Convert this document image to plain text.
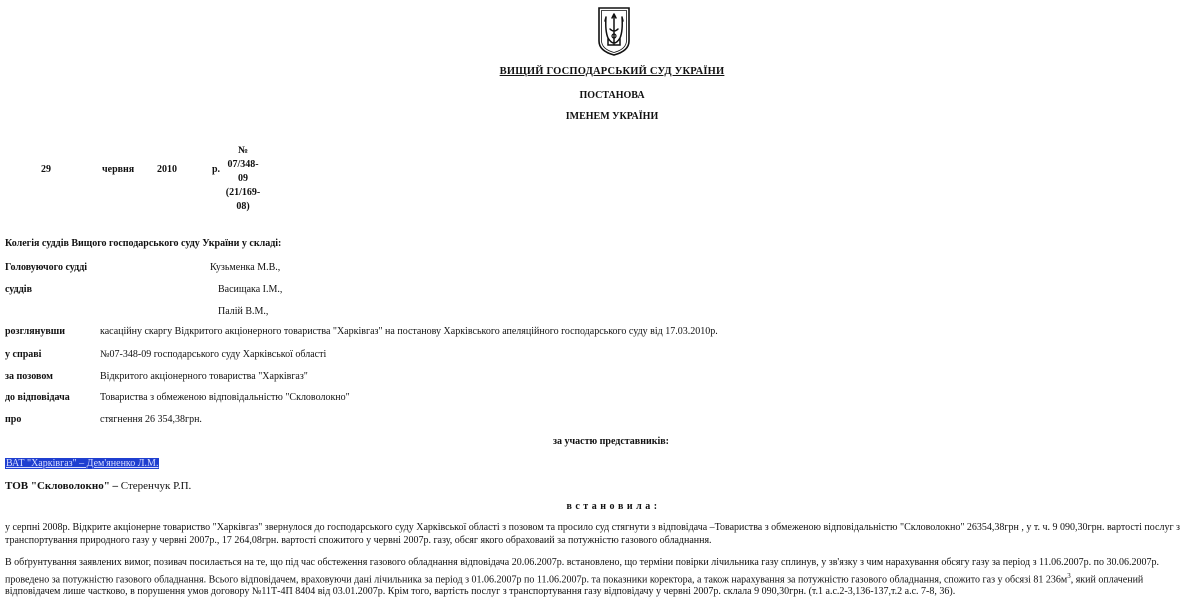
ВИЩИЙ ГОСПОДАРСЬКИЙ СУД УКРАЇНИ
ПОСТАНОВА
ІМЕНЕМ УКРАЇНИ
29	червня 2010	р.
№
07/348-
09
(21/169-
08)
Колегія суддів Вищого господарського суду України у складі:
Головуючого судді	Кузьменка М.В.,
суддів	Васищака І.М.,
Палій В.М.,
розглянувши	касаційну скаргу Відкритого акціонерного товариства "Харківгаз" на постанову Харківського апеляційного господарського суду від 17.03.2010р.
у справі	№07-348-09 господарського суду Харківської області
за позовом	Відкритого акціонерного товариства "Харківгаз"
до відповідача	Товариства з обмеженою відповідальністю "Скловолокно"
про	стягнення 26 354,38грн.
за участю представників:
ВАТ "Харківгаз" – Дем'яненко Л.М.
ТОВ "Скловолокно" – Стеренчук Р.П.
в с т а н о в и л а :
у серпні 2008р. Відкрите акціонерне товариство "Харківгаз" звернулося до господарського суду Харківської області з позовом та просило суд стягнути з відповідача –Товариства з обмеженою відповідальністю "Скловолокно" 26354,38грн , у т. ч. 9 090,30грн. вартості послуг з
транспортування природного газу у червні 2007р., 17 264,08грн. вартості спожитого у червні 2007р. газу, обсяг якого обраховаий за потужністю газового обладнання.
В обґрунтування заявлених вимог, позивач посилається на те, що під час обстеження газового обладнання відповідача 20.06.2007р. встановлено, що терміни повірки лічильника газу сплинув, у зв'язку з чим нарахування обсягу газу за період з 11.06.2007р. по 30.06.2007р.
проведено за потужністю газового обладнання. Всього відповідачем, враховуючи дані лічильника за період з 01.06.2007р по 11.06.2007р. та показники коректора, а також нарахування за потужністю газового обладнання, спожито газ у обсязі 81 $236м^3$, який оплачений
відповідачем лише частково, в порушення умов договору №11Т-4П 8404 від 03.01.2007р. Крім того, вартість послуг з транспортування газу відповідачу у червні 2007р. склала 9 090,30грн. (т.1 а.с.2-3,136-137,т.2 а.с. 7-8, 36).
